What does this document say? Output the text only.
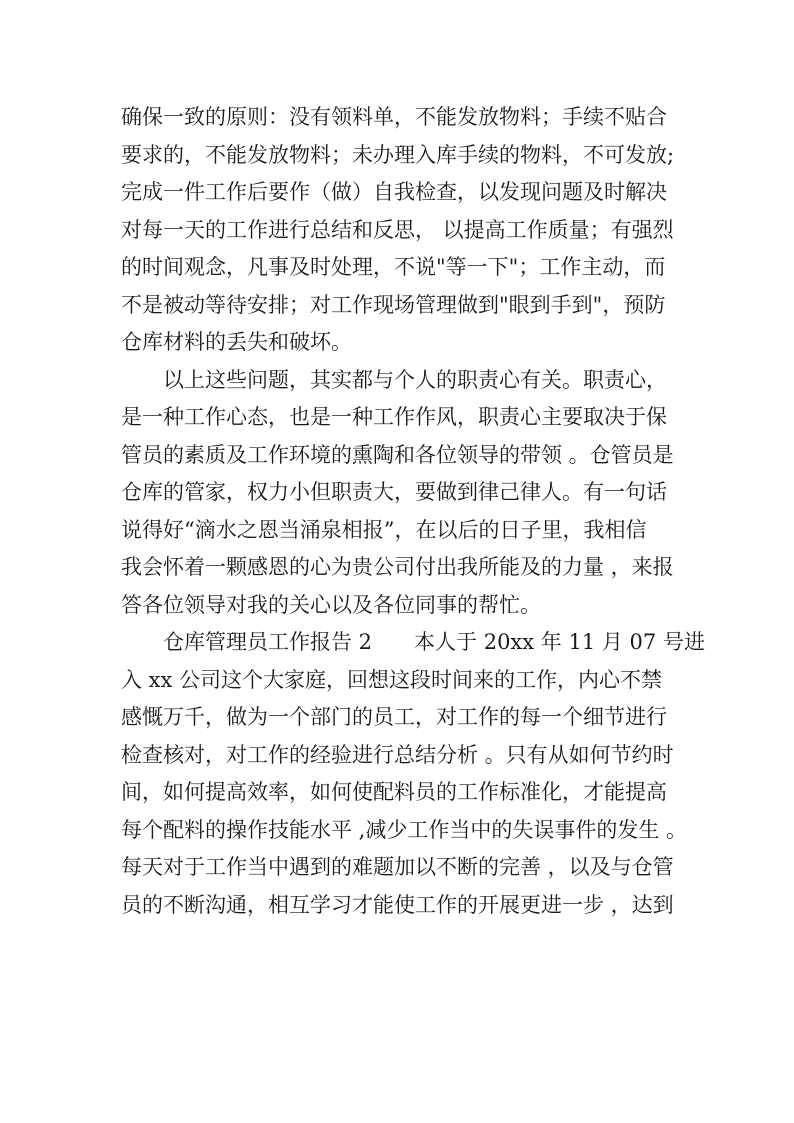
确保一致的原则：没有领料单，不能发放物料；手续不贴合
要求的，不能发放物料；未办理入库手续的物料，不可发放;
完成一件工作后要作（做）自我检查，以发现问题及时解决
对每一天的工作进行总结和反思， 以提高工作质量；有强烈
的时间观念，凡事及时处理，不说"等一下"；工作主动，而
不是被动等待安排；对工作现场管理做到"眼到手到"，预防
仓库材料的丢失和破坏。
　　以上这些问题，其实都与个人的职责心有关。职责心，
是一种工作心态，也是一种工作作风，职责心主要取决于保
管员的素质及工作环境的熏陶和各位领导的带领 。仓管员是
仓库的管家，权力小但职责大，要做到律己律人。有一句话
说得好“滴水之恩当涌泉相报”，在以后的日子里，我相信
我会怀着一颗感恩的心为贵公司付出我所能及的力量 ，来报
答各位领导对我的关心以及各位同事的帮忙。
　　仓库管理员工作报告 2　　本人于 20xx 年 11 月 07 号进
入 xx 公司这个大家庭，回想这段时间来的工作，内心不禁
感慨万千，做为一个部门的员工，对工作的每一个细节进行
检查核对，对工作的经验进行总结分析 。只有从如何节约时
间，如何提高效率，如何使配料员的工作标准化，才能提高
每个配料的操作技能水平 ,减少工作当中的失误事件的发生 。
每天对于工作当中遇到的难题加以不断的完善 ，以及与仓管
员的不断沟通，相互学习才能使工作的开展更进一步 ，达到
